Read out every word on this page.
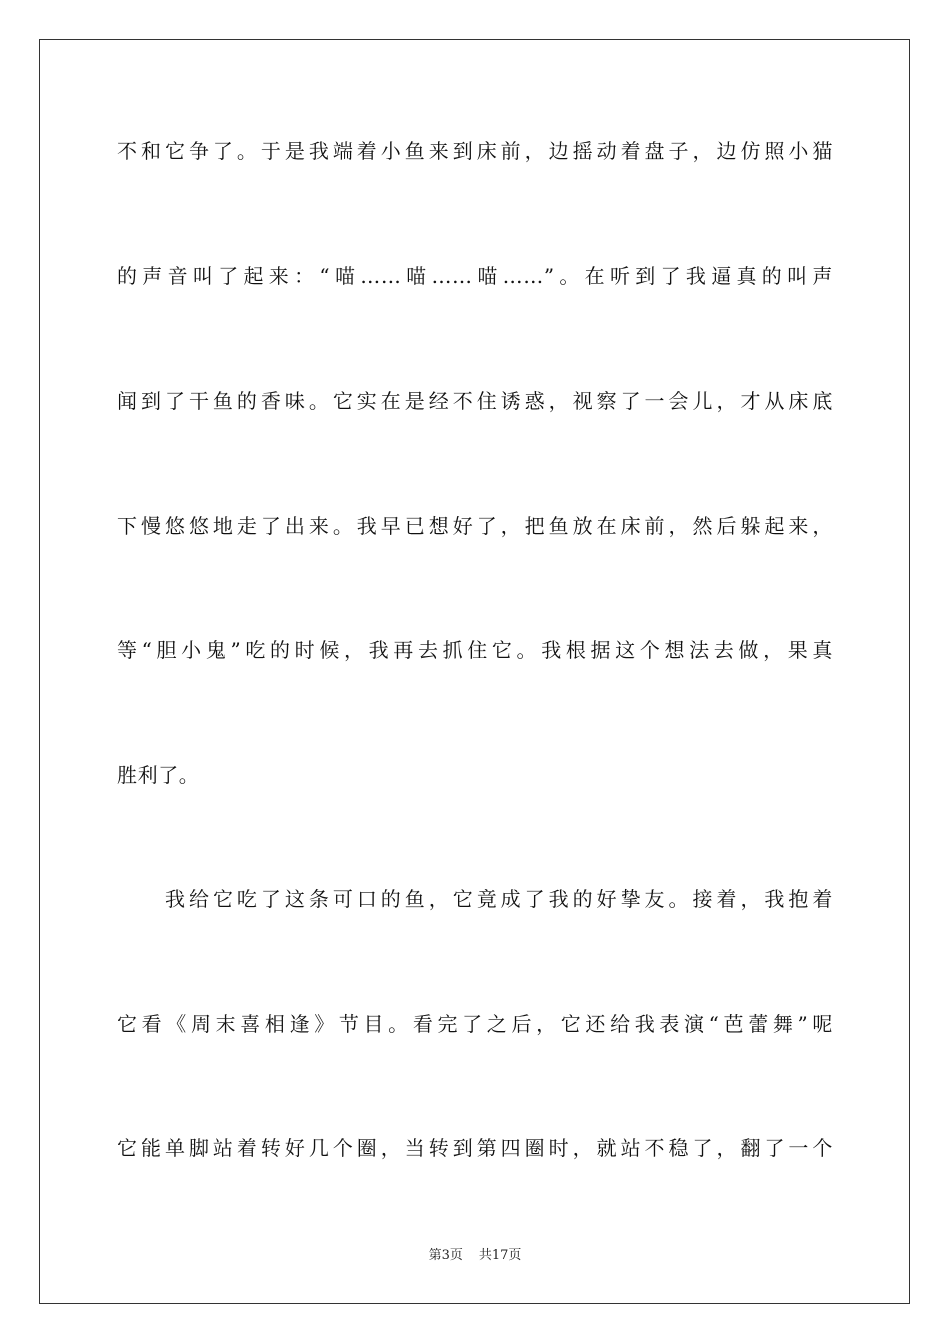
不和它争了。于是我端着小鱼来到床前，边摇动着盘子，边仿照小猫
的声音叫了起来：“喵……喵……喵……”。在听到了我逼真的叫声
闻到了干鱼的香味。它实在是经不住诱惑，视察了一会儿，才从床底
下慢悠悠地走了出来。我早已想好了，把鱼放在床前，然后躲起来，
等“胆小鬼”吃的时候，我再去抓住它。我根据这个想法去做，果真
胜利了。
我给它吃了这条可口的鱼，它竟成了我的好挚友。接着，我抱着
它看《周末喜相逢》节目。看完了之后，它还给我表演“芭蕾舞”呢
它能单脚站着转好几个圈，当转到第四圈时，就站不稳了，翻了一个
第3页 共17页
